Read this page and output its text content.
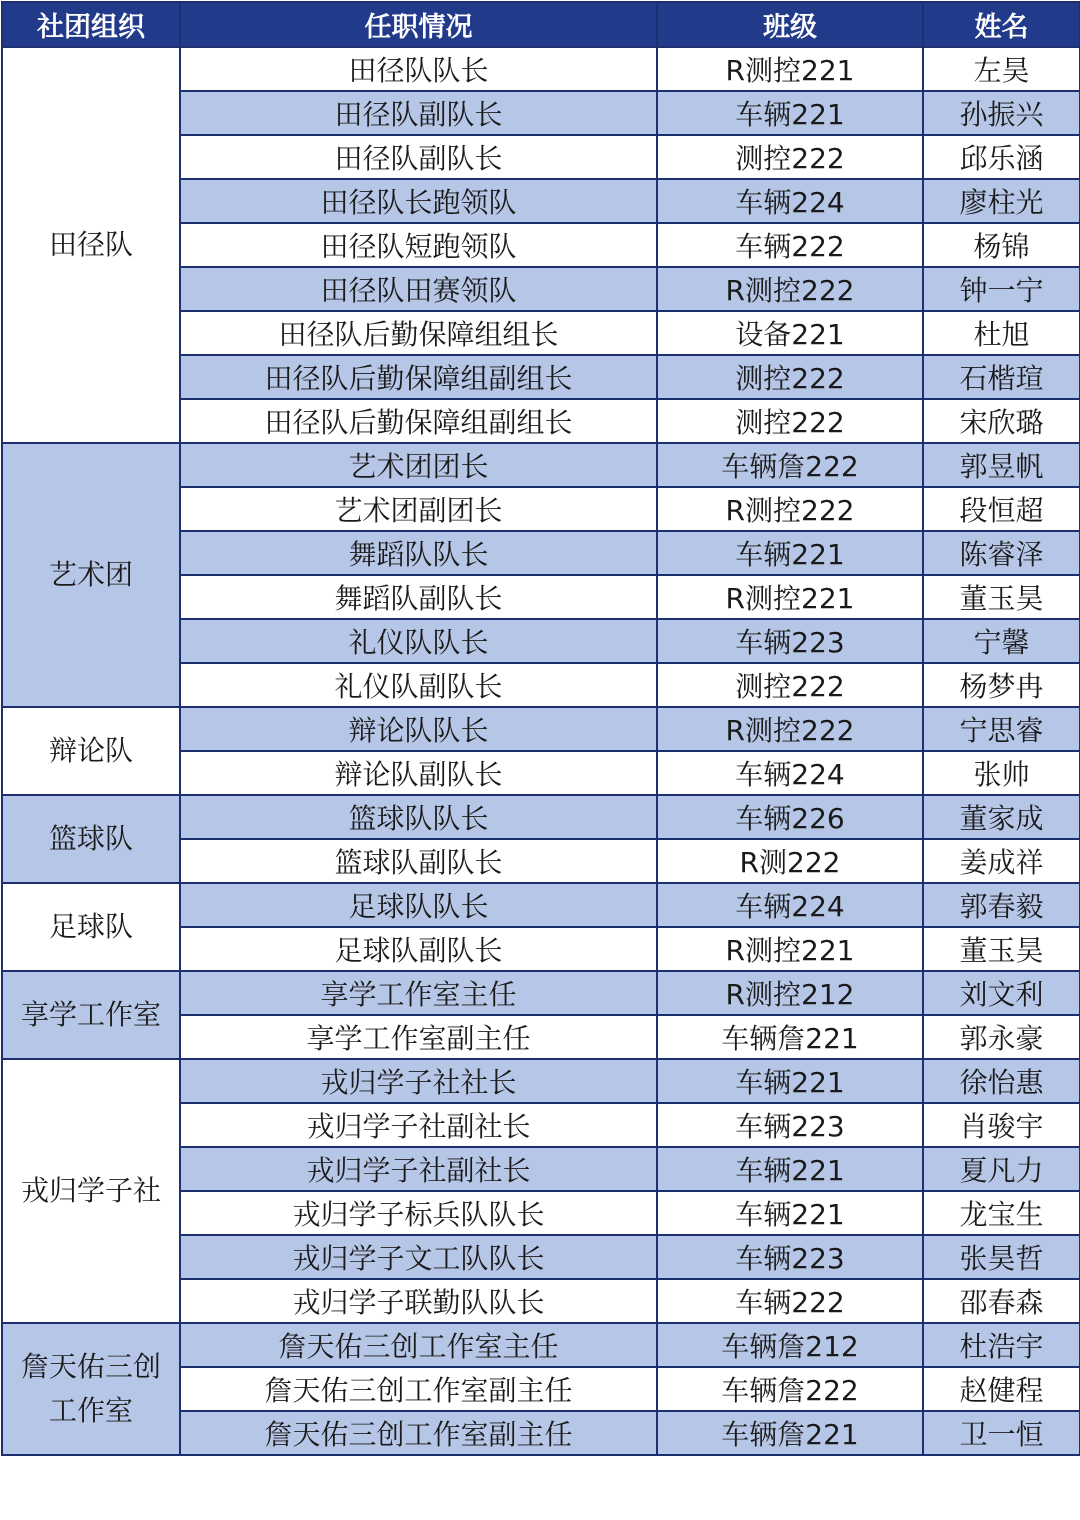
社团组织	任职情况	班级	姓名
田径队	田径队队长	R测控221	左昊
	田径队副队长	车辆221	孙振兴
	田径队副队长	测控222	邱乐涵
	田径队长跑领队	车辆224	廖柱光
	田径队短跑领队	车辆222	杨锦
	田径队田赛领队	R测控222	钟一宁
	田径队后勤保障组组长	设备221	杜旭
	田径队后勤保障组副组长	测控222	石楷瑄
	田径队后勤保障组副组长	测控222	宋欣璐
艺术团	艺术团团长	车辆詹222	郭昱帆
	艺术团副团长	R测控222	段恒超
	舞蹈队队长	车辆221	陈睿泽
	舞蹈队副队长	R测控221	董玉昊
	礼仪队队长	车辆223	宁馨
	礼仪队副队长	测控222	杨梦冉
辩论队	辩论队队长	R测控222	宁思睿
	辩论队副队长	车辆224	张帅
篮球队	篮球队队长	车辆226	董家成
	篮球队副队长	R测222	姜成祥
足球队	足球队队长	车辆224	郭春毅
	足球队副队长	R测控221	董玉昊
享学工作室	享学工作室主任	R测控212	刘文利
	享学工作室副主任	车辆詹221	郭永豪
戎归学子社	戎归学子社社长	车辆221	徐怡惠
	戎归学子社副社长	车辆223	肖骏宇
	戎归学子社副社长	车辆221	夏凡力
	戎归学子标兵队队长	车辆221	龙宝生
	戎归学子文工队队长	车辆223	张昊哲
	戎归学子联勤队队长	车辆222	邵春森
詹天佑三创工作室	詹天佑三创工作室主任	车辆詹212	杜浩宇
	詹天佑三创工作室副主任	车辆詹222	赵健程
	詹天佑三创工作室副主任	车辆詹221	卫一恒
